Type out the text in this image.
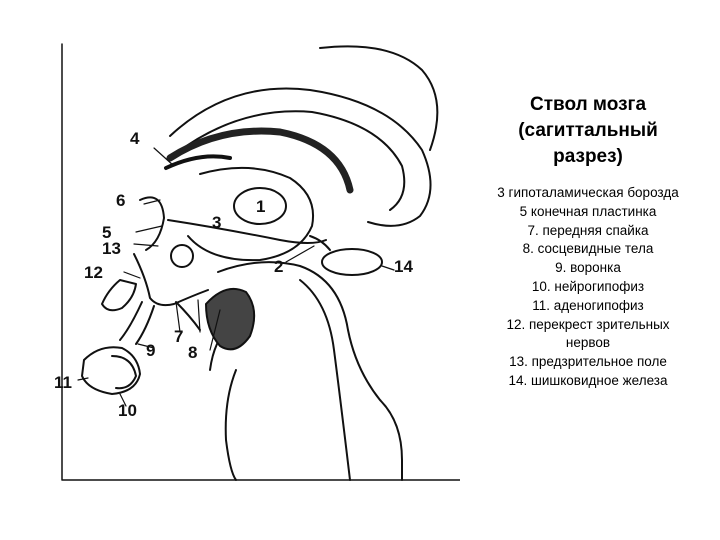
4
1
3
6
5
13
12	2	14
7
8
9
11
10
Ствол мозга
(сагиттальный
разрез)
3 гипоталамическая борозда
5 конечная пластинка
7. передняя спайка
8. сосцевидные тела
9. воронка
10. нейрогипофиз
11. аденогипофиз
12. перекрест зрительных нервов
13. предзрительное поле
14. шишковидное железа
